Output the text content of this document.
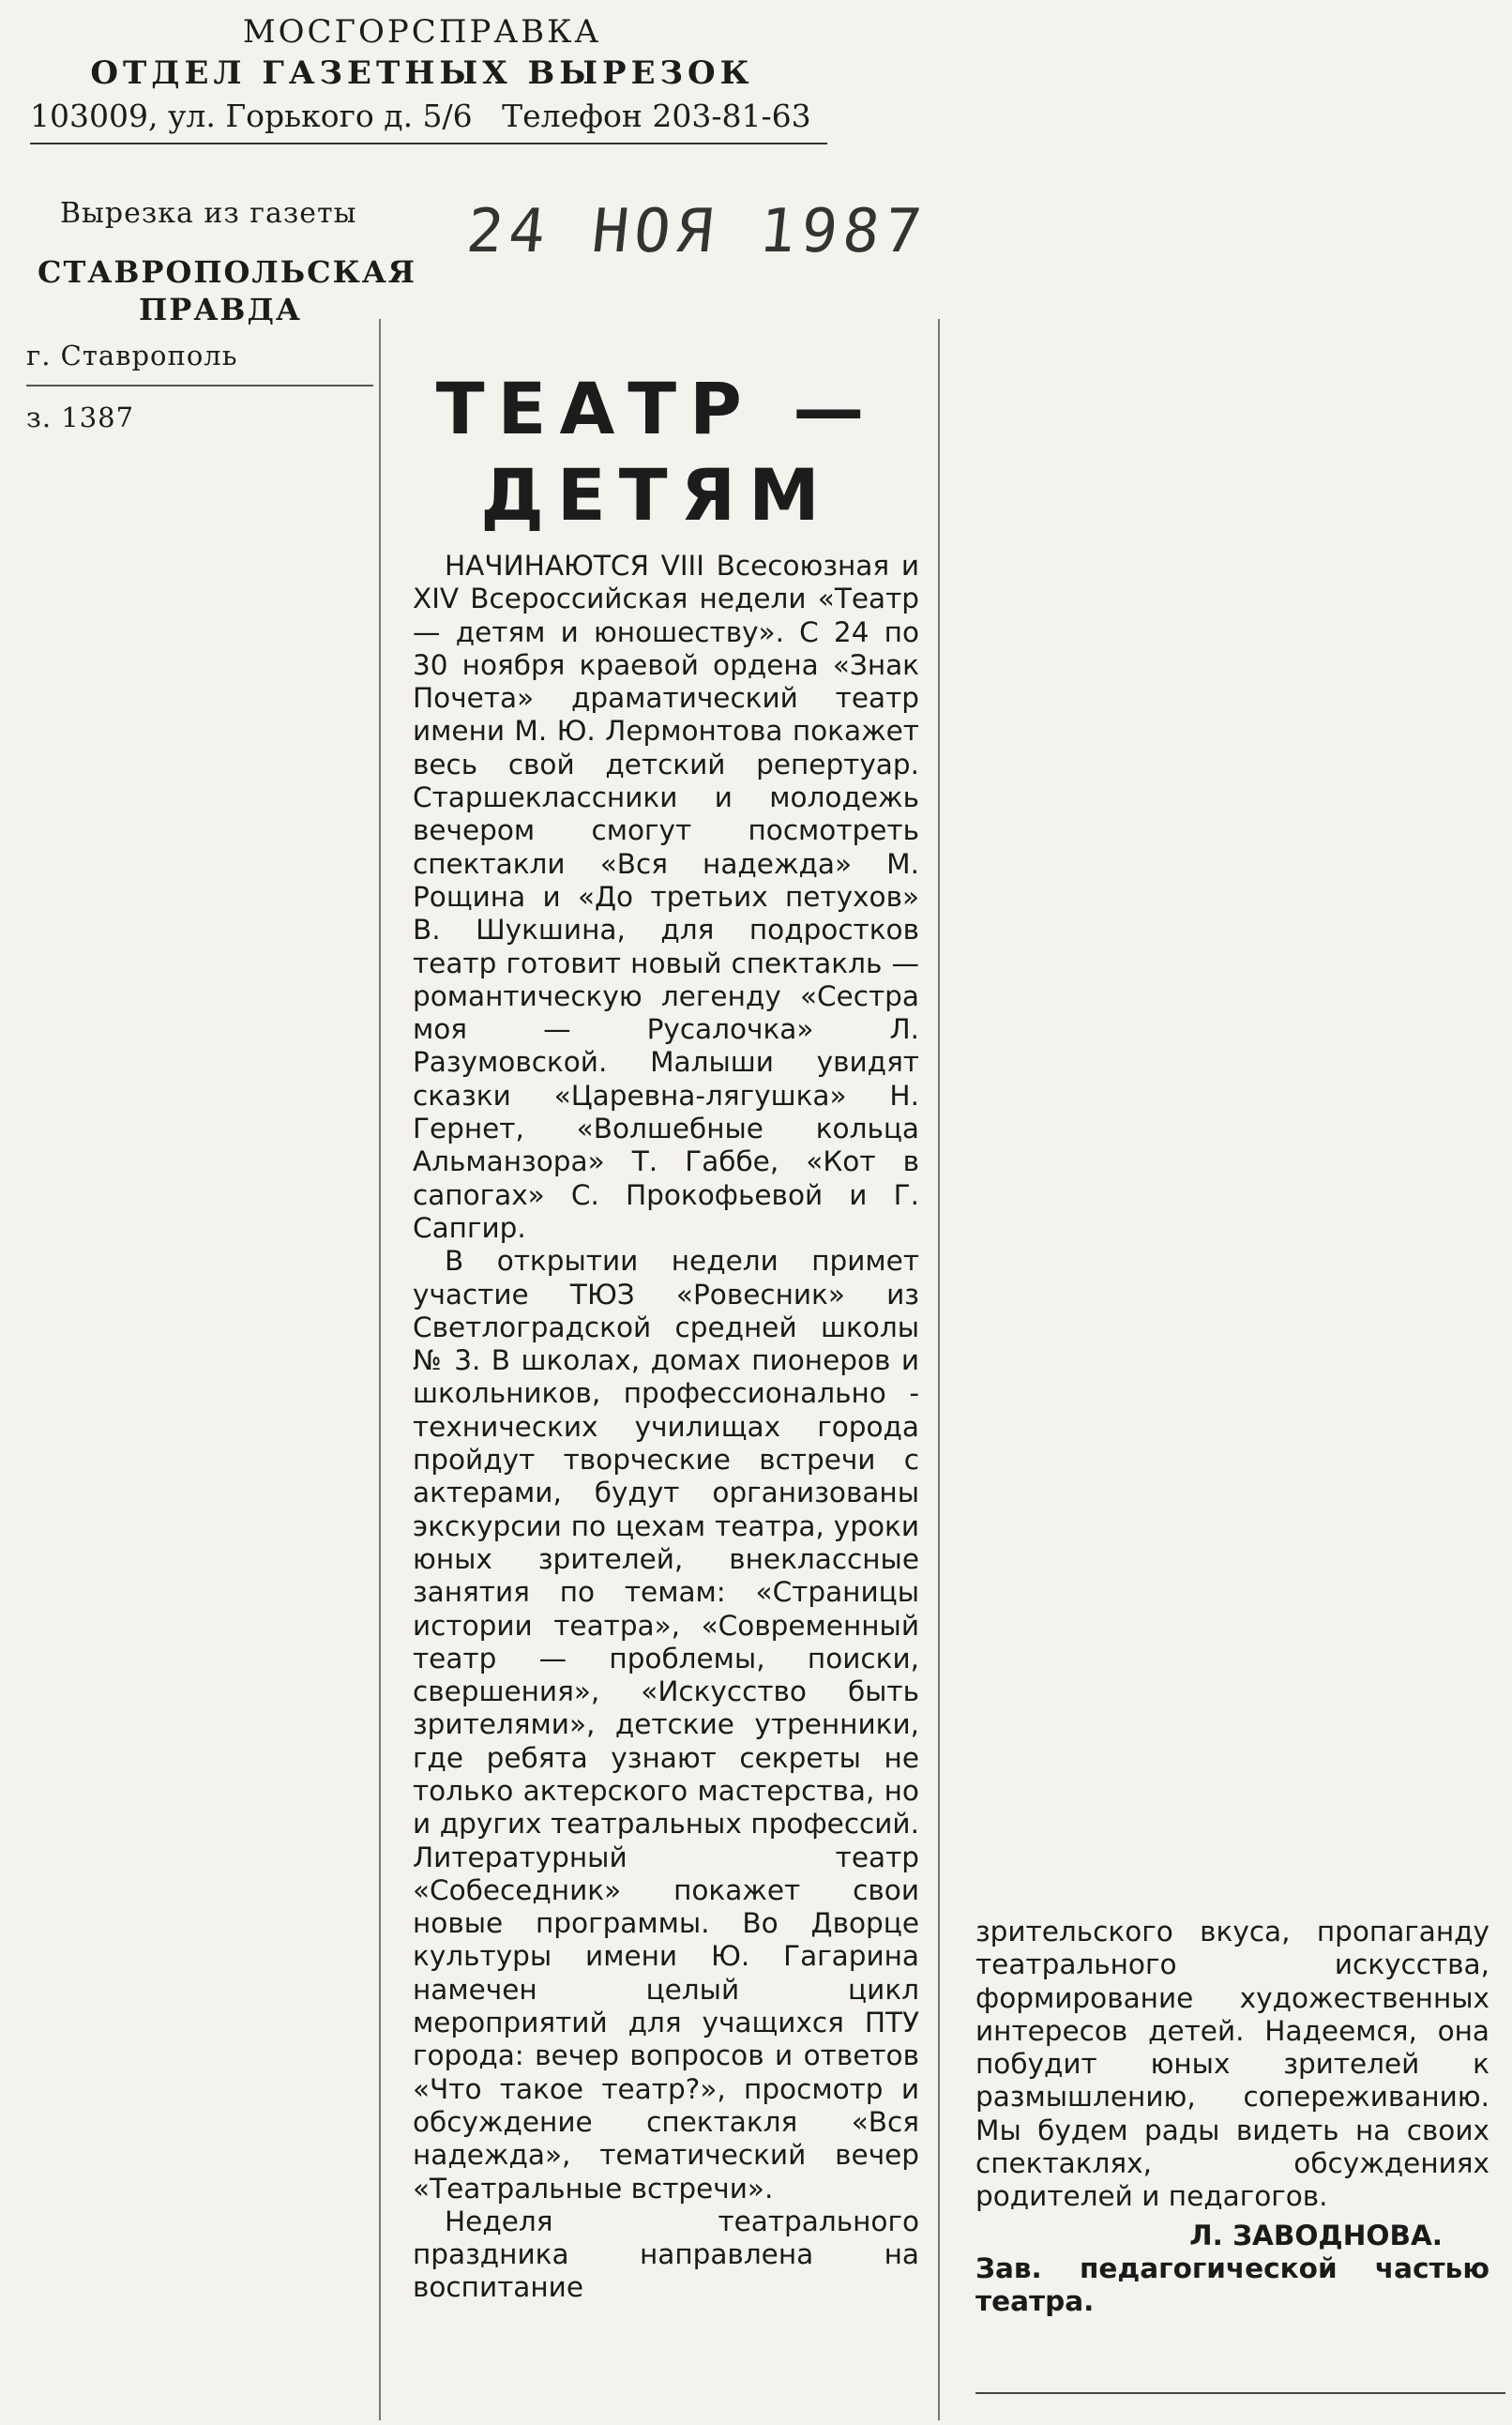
МОСГОРСПРАВКА
ОТДЕЛ ГАЗЕТНЫХ ВЫРЕЗОК
103009, ул. Горького д. 5/6   Телефон 203-81-63
Вырезка из газеты
СТАВРОПОЛЬСКАЯ ПРАВДА
г. Ставрополь
з. 1387
24 НОЯ 1987
ТЕАТР —
ДЕТЯМ

НАЧИНАЮТСЯ VIII Всесоюзная и XIV Всероссийская недели «Театр — детям и юношеству». С 24 по 30 ноября краевой ордена «Знак Почета» драматический театр имени М. Ю. Лермонтова покажет весь свой детский репертуар. Старшеклассники и молодежь вечером смогут посмотреть спектакли «Вся надежда» М. Рощина и «До третьих петухов» В. Шукшина, для подростков театр готовит новый спектакль — романтическую легенду «Сестра моя — Русалочка» Л. Разумовской. Малыши увидят сказки «Царевна-лягушка» Н. Гернет, «Волшебные кольца Альманзора» Т. Габбе, «Кот в сапогах» С. Прокофьевой и Г. Сапгир.

В открытии недели примет участие ТЮЗ «Ровесник» из Светлоградской средней школы № 3. В школах, домах пионеров и школьников, профессионально - технических училищах города пройдут творческие встречи с актерами, будут организованы экскурсии по цехам театра, уроки юных зрителей, внеклассные занятия по темам: «Страницы истории театра», «Современный театр — проблемы, поиски, свершения», «Искусство быть зрителями», детские утренники, где ребята узнают секреты не только актерского мастерства, но и других театральных профессий. Литературный театр «Собеседник» покажет свои новые программы. Во Дворце культуры имени Ю. Гагарина намечен целый цикл мероприятий для учащихся ПТУ города: вечер вопросов и ответов «Что такое театр?», просмотр и обсуждение спектакля «Вся надежда», тематический вечер «Театральные встречи».

Неделя театрального праздника направлена на воспитание

зрительского вкуса, пропаганду театрального искусства, формирование художественных интересов детей. Надеемся, она побудит юных зрителей к размышлению, сопереживанию. Мы будем рады видеть на своих спектаклях, обсуждениях родителей и педагогов.

Л. ЗАВОДНОВА.

Зав. педагогической частью театра.
